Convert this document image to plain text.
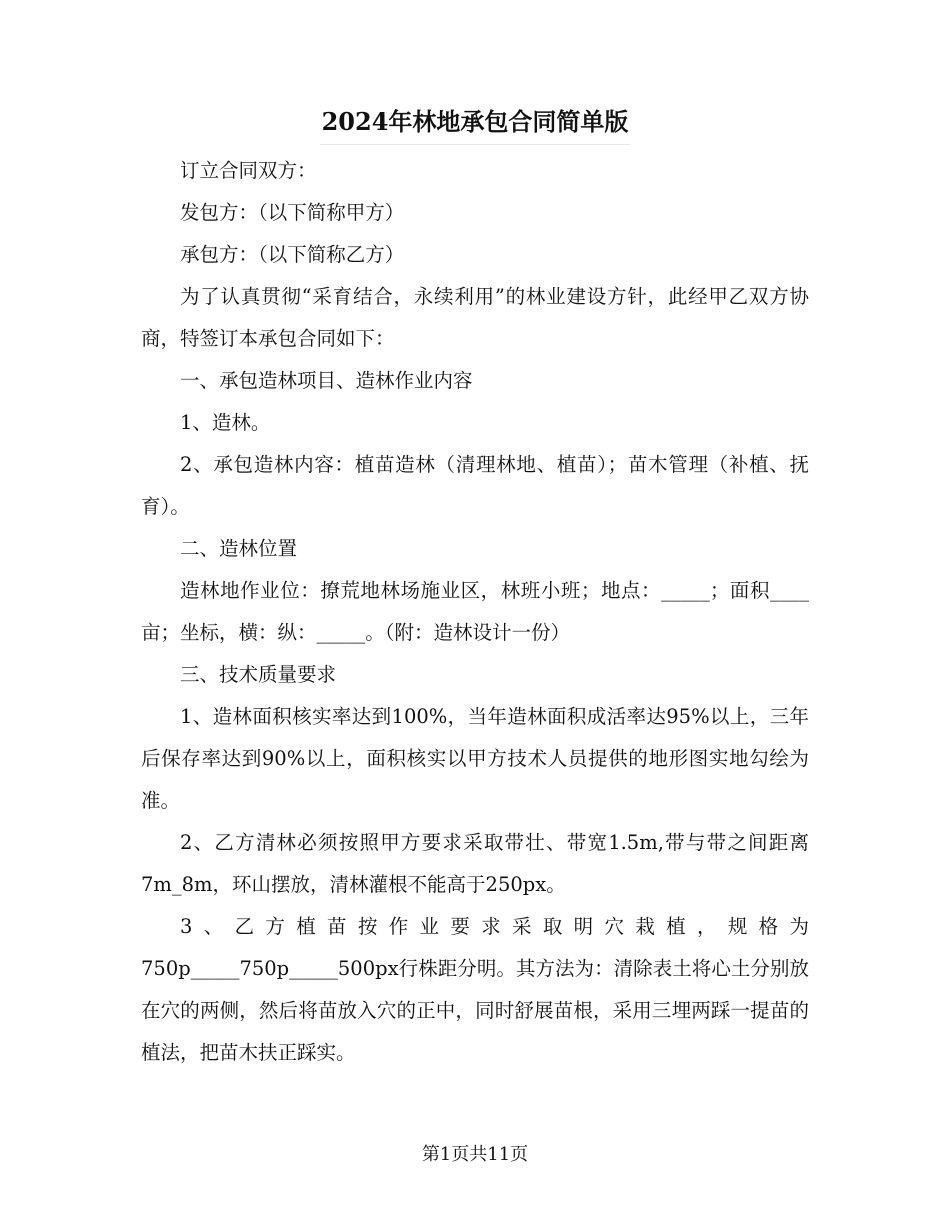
2024年林地承包合同简单版

订立合同双方：

发包方：（以下简称甲方）

承包方：（以下简称乙方）

为了认真贯彻“采育结合，永续利用”的林业建设方针，此经甲乙双方协商，特签订本承包合同如下：

一、承包造林项目、造林作业内容

1、造林。

2、承包造林内容：植苗造林（清理林地、植苗）；苗木管理（补植、抚育）。

二、造林位置

造林地作业位：撩荒地林场施业区，林班小班；地点：_____；面积____亩；坐标，横：纵：_____。（附：造林设计一份）

三、技术质量要求

1、造林面积核实率达到100%，当年造林面积成活率达95%以上，三年后保存率达到90%以上，面积核实以甲方技术人员提供的地形图实地勾绘为准。

2、乙方清林必须按照甲方要求采取带壮、带宽1.5m,带与带之间距离7m_8m，环山摆放，清林灌根不能高于250px。

3、乙方植苗按作业要求采取明穴栽植，规格为750p_____750p_____500px行株距分明。其方法为：清除表土将心土分别放在穴的两侧，然后将苗放入穴的正中，同时舒展苗根，采用三埋两踩一提苗的植法，把苗木扶正踩实。

第1页共11页
